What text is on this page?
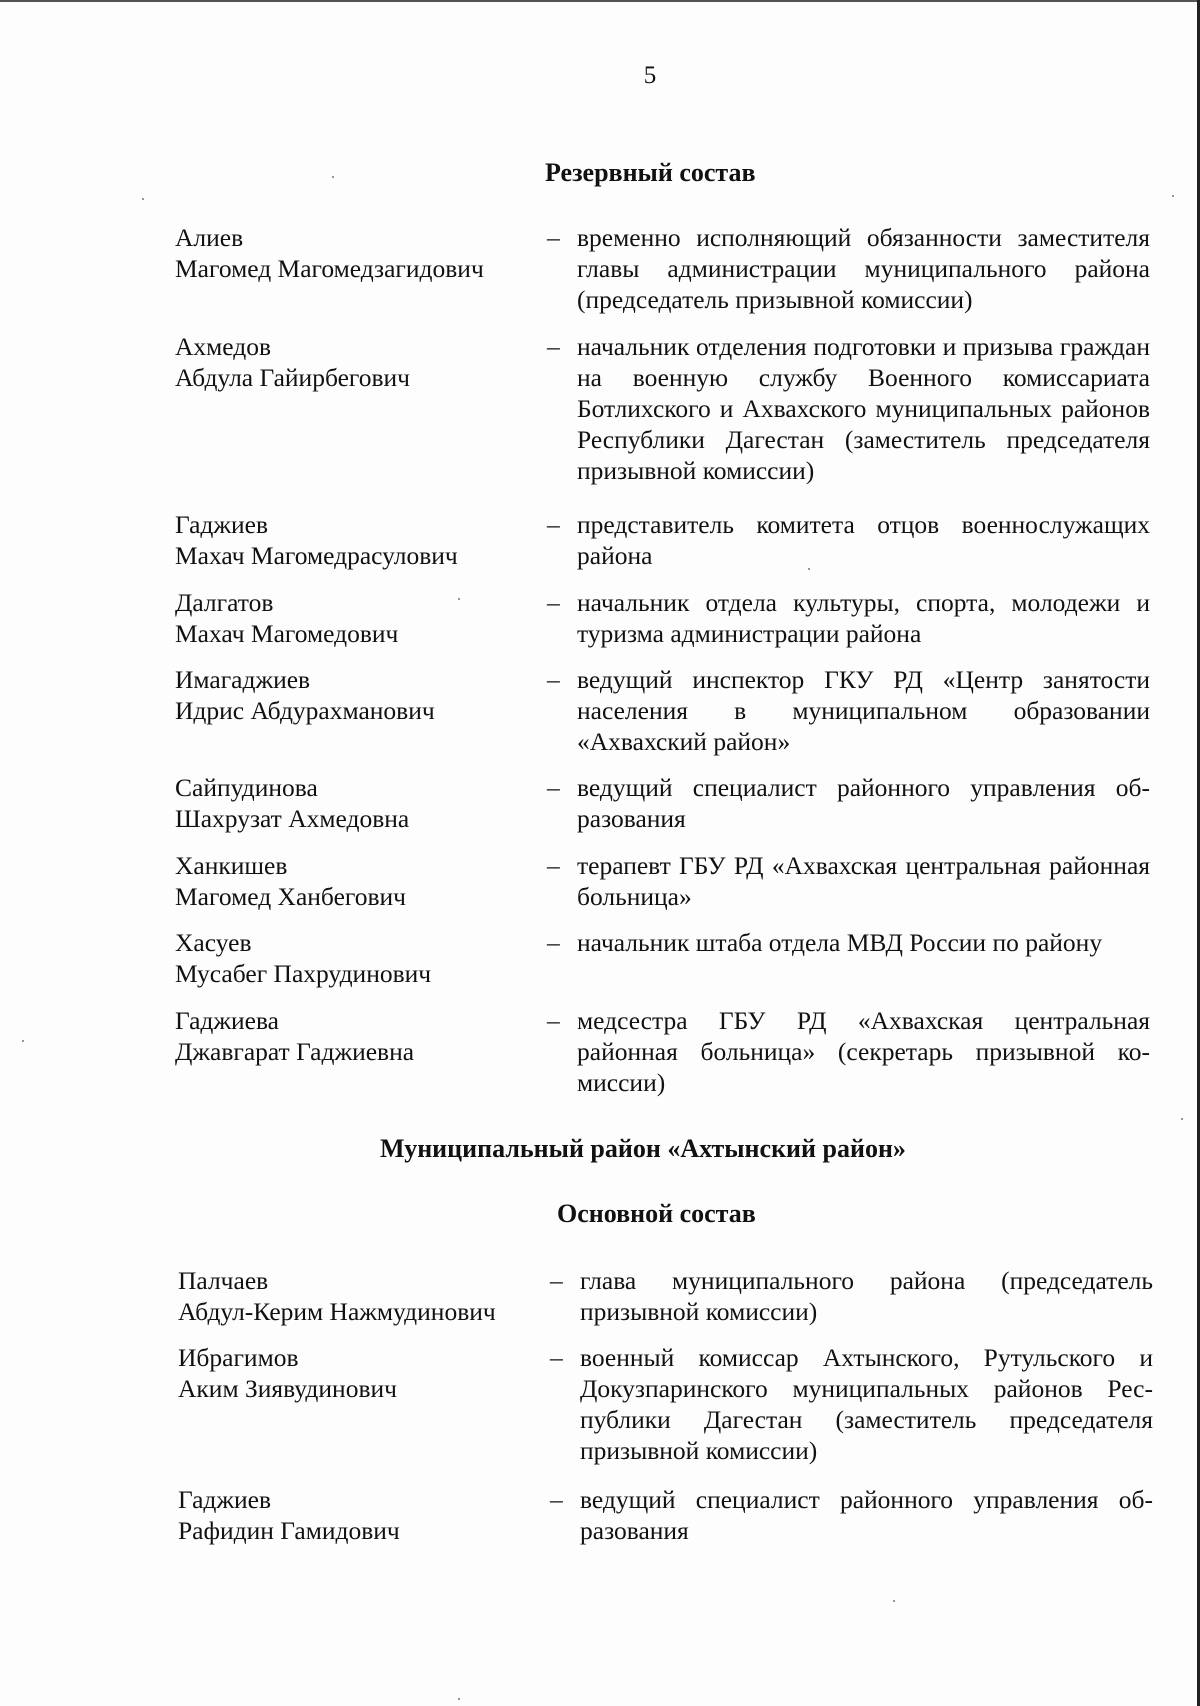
5
Резервный состав
Алиев
Магомед Магомедзагидович
– временно исполняющий обязанности заместителя главы администрации муниципального района (председатель призывной комиссии)
Ахмедов
Абдула Гайирбегович
– начальник отделения подготовки и призыва граждан на военную службу Военного комиссариата Ботлихского и Ахвахского муниципальных районов Республики Дагестан (заместитель председателя призывной комиссии)
Гаджиев
Махач Магомедрасулович
– представитель комитета отцов военнослужащих района
Далгатов
Махач Магомедович
– начальник отдела культуры, спорта, молодежи и туризма администрации района
Имагаджиев
Идрис Абдурахманович
– ведущий инспектор ГКУ РД «Центр занятости населения в муниципальном образовании «Ахвахский район»
Сайпудинова
Шахрузат Ахмедовна
– ведущий специалист районного управления образования
Ханкишев
Магомед Ханбегович
– терапевт ГБУ РД «Ахвахская центральная районная больница»
Хасуев
Мусабег Пахрудинович
– начальник штаба отдела МВД России по району
Гаджиева
Джавгарат Гаджиевна
– медсестра ГБУ РД «Ахвахская центральная районная больница» (секретарь призывной комиссии)
Муниципальный район «Ахтынский район»
Основной состав
Палчаев
Абдул-Керим Нажмудинович
– глава муниципального района (председатель призывной комиссии)
Ибрагимов
Аким Зиявудинович
– военный комиссар Ахтынского, Рутульского и Докузпаринского муниципальных районов Республики Дагестан (заместитель председателя призывной комиссии)
Гаджиев
Рафидин Гамидович
– ведущий специалист районного управления образования
